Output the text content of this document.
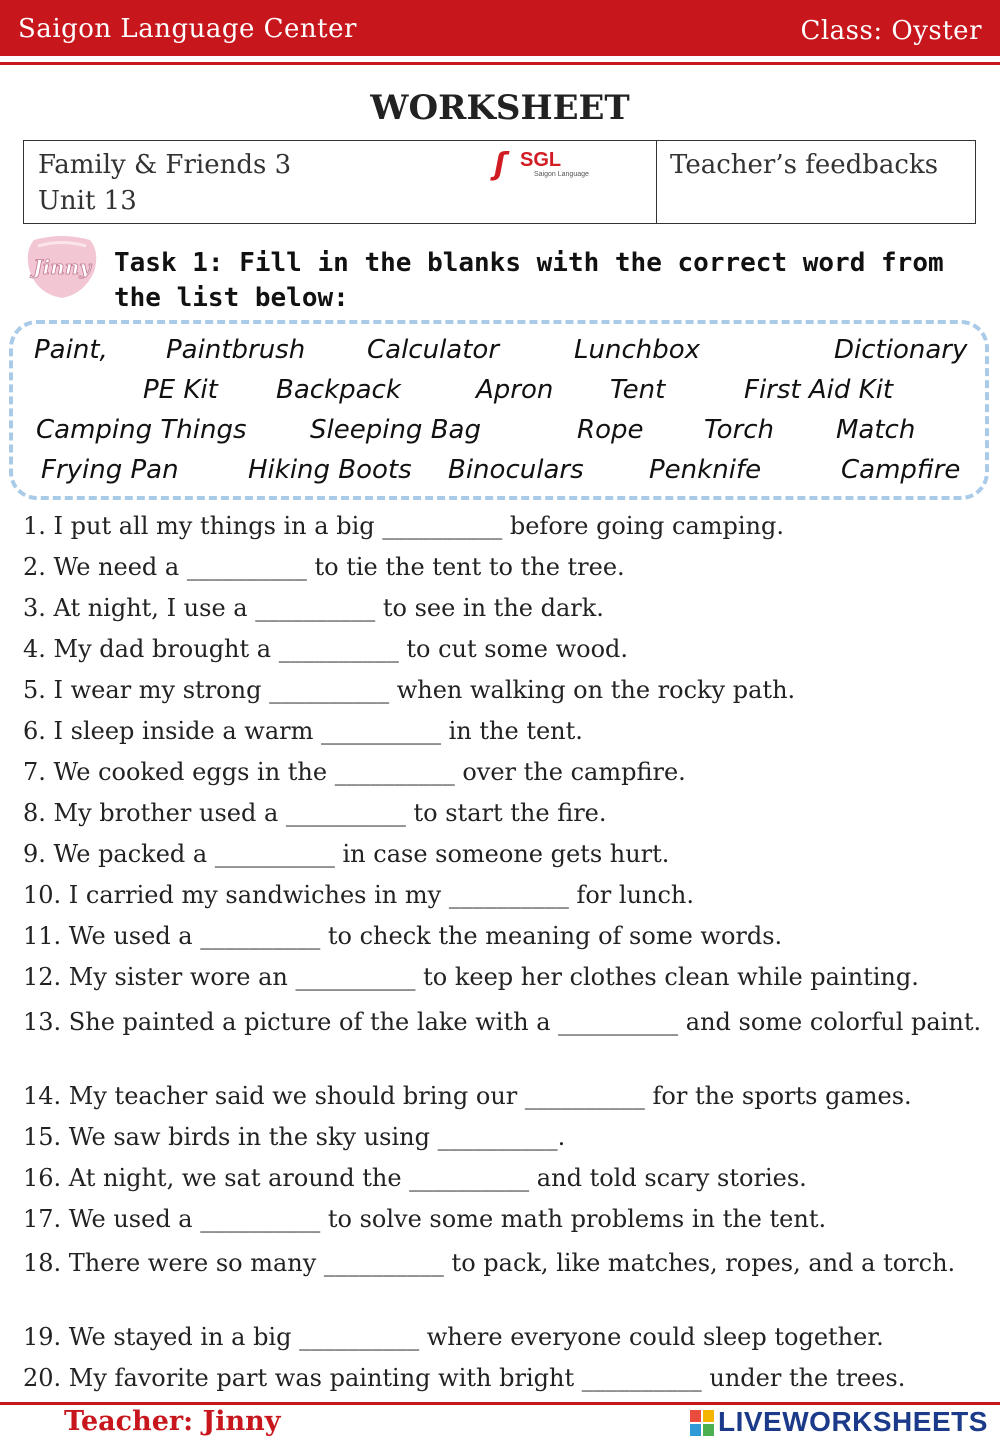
Saigon Language Center	Class: Oyster
WORKSHEET
Family & Friends 3
Unit 13
ʃ SGL
Saigon Language	Teacher’s feedbacks
Jinny Task 1: Fill in the blanks with the correct word from the list below:
Paint, Paintbrush Calculator	Lunchbox	Dictionary
PE Kit Backpack	Apron Tent	First Aid Kit
Camping Things Sleeping Bag	Rope Torch Match
Frying Pan	Hiking Boots Binoculars	Penknife	Campfire
1. I put all my things in a big __________ before going camping.
2. We need a __________ to tie the tent to the tree.
3. At night, I use a __________ to see in the dark.
4. My dad brought a __________ to cut some wood.
5. I wear my strong __________ when walking on the rocky path.
6. I sleep inside a warm __________ in the tent.
7. We cooked eggs in the __________ over the campfire.
8. My brother used a __________ to start the fire.
9. We packed a __________ in case someone gets hurt.
10. I carried my sandwiches in my __________ for lunch.
11. We used a __________ to check the meaning of some words.
12. My sister wore an __________ to keep her clothes clean while painting.
13. She painted a picture of the lake with a __________ and some colorful paint.
14. My teacher said we should bring our __________ for the sports games.
15. We saw birds in the sky using __________.
16. At night, we sat around the __________ and told scary stories.
17. We used a __________ to solve some math problems in the tent.
18. There were so many __________ to pack, like matches, ropes, and a torch.
19. We stayed in a big __________ where everyone could sleep together.
20. My favorite part was painting with bright __________ under the trees.
Teacher: Jinny	LIVEWORKSHEETS
